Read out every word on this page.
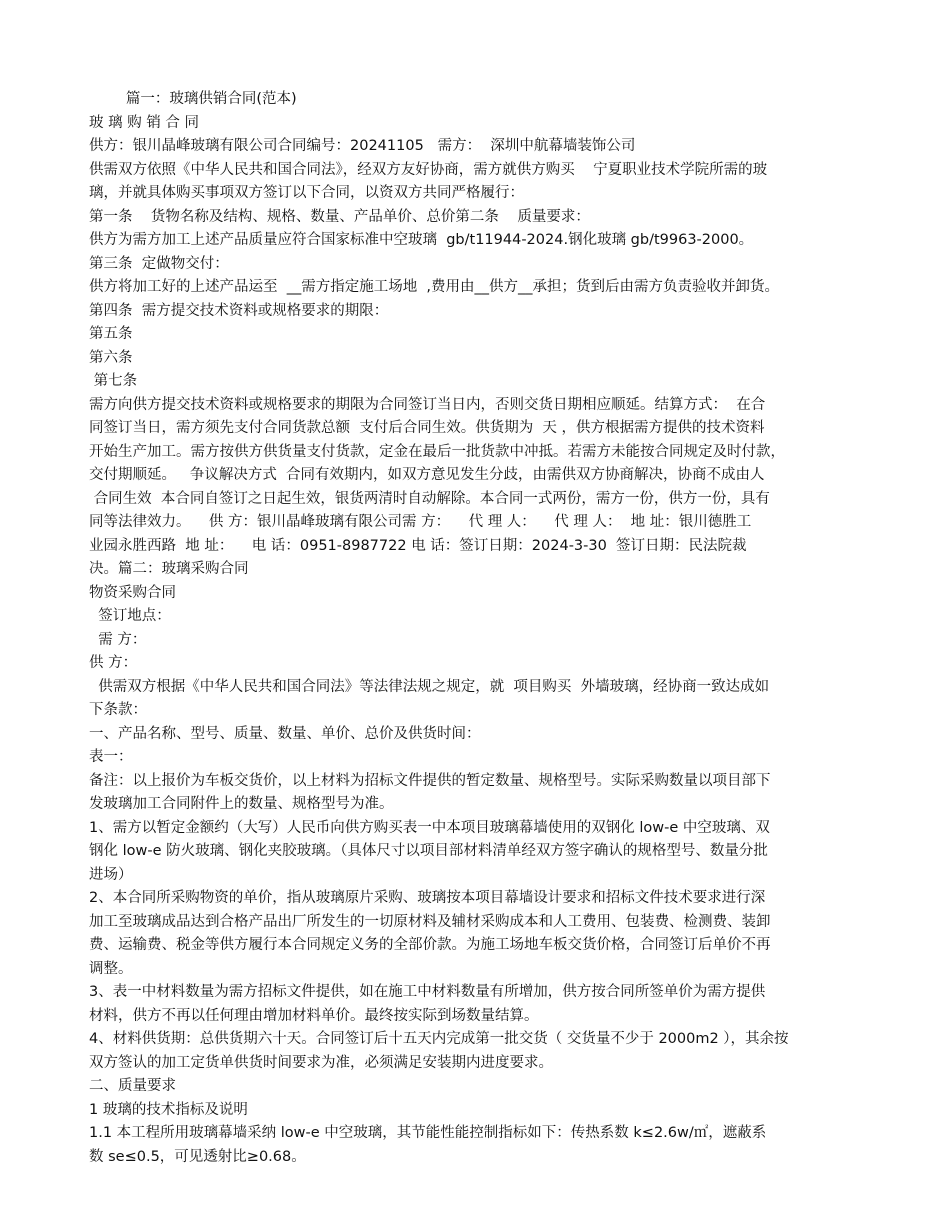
篇一：玻璃供销合同(范本)
玻 璃 购 销 合 同
供方：银川晶峰玻璃有限公司合同编号：20241105   需方：  深圳中航幕墙装饰公司
供需双方依照《中华人民共和国合同法》，经双方友好协商，需方就供方购买    宁夏职业技术学院所需的玻
璃，并就具体购买事项双方签订以下合同，以资双方共同严格履行：
第一条    货物名称及结构、规格、数量、产品单价、总价第二条    质量要求：
供方为需方加工上述产品质量应符合国家标准中空玻璃  gb/t11944-2024.钢化玻璃 gb/t9963-2000。
第三条  定做物交付：
供方将加工好的上述产品运至  __需方指定施工场地  ,费用由__供方__承担；货到后由需方负责验收并卸货。
第四条  需方提交技术资料或规格要求的期限：
第五条
第六条
第七条
需方向供方提交技术资料或规格要求的期限为合同签订当日内，否则交货日期相应顺延。结算方式：  在合
同签订当日，需方须先支付合同货款总额  支付后合同生效。供货期为  天 ，供方根据需方提供的技术资料
开始生产加工。需方按供方供货量支付货款，定金在最后一批货款中冲抵。若需方未能按合同规定及时付款，
交付期顺延。   争议解决方式  合同有效期内，如双方意见发生分歧，由需供双方协商解决，协商不成由人
合同生效  本合同自签订之日起生效，银货两清时自动解除。本合同一式两份，需方一份，供方一份，具有
同等法律效力。    供 方：银川晶峰玻璃有限公司需 方：    代 理 人：    代 理 人：  地 址：银川德胜工
业园永胜西路  地 址：    电 话：0951-8987722 电 话：签订日期：2024-3-30  签订日期：民法院裁
决。篇二：玻璃采购合同
物资采购合同
签订地点：
需 方：
供 方：
供需双方根据《中华人民共和国合同法》等法律法规之规定，就  项目购买  外墙玻璃，经协商一致达成如
下条款：
一、产品名称、型号、质量、数量、单价、总价及供货时间：
表一：
备注：以上报价为车板交货价，以上材料为招标文件提供的暂定数量、规格型号。实际采购数量以项目部下
发玻璃加工合同附件上的数量、规格型号为准。
1、需方以暂定金额约（大写）人民币向供方购买表一中本项目玻璃幕墙使用的双钢化 low-e 中空玻璃、双
钢化 low-e 防火玻璃、钢化夹胶玻璃。（具体尺寸以项目部材料清单经双方签字确认的规格型号、数量分批
进场）
2、本合同所采购物资的单价，指从玻璃原片采购、玻璃按本项目幕墙设计要求和招标文件技术要求进行深
加工至玻璃成品达到合格产品出厂所发生的一切原材料及辅材采购成本和人工费用、包装费、检测费、装卸
费、运输费、税金等供方履行本合同规定义务的全部价款。为施工场地车板交货价格，合同签订后单价不再
调整。
3、表一中材料数量为需方招标文件提供，如在施工中材料数量有所增加，供方按合同所签单价为需方提供
材料，供方不再以任何理由增加材料单价。最终按实际到场数量结算。
4、材料供货期：总供货期六十天。合同签订后十五天内完成第一批交货（ 交货量不少于 2000m2 ），其余按
双方签认的加工定货单供货时间要求为准，必须满足安装期内进度要求。
二、质量要求
1 玻璃的技术指标及说明
1.1 本工程所用玻璃幕墙采纳 low-e 中空玻璃，其节能性能控制指标如下：传热系数 k≤2.6w/㎡，遮蔽系
数 se≤0.5，可见透射比≥0.68。
